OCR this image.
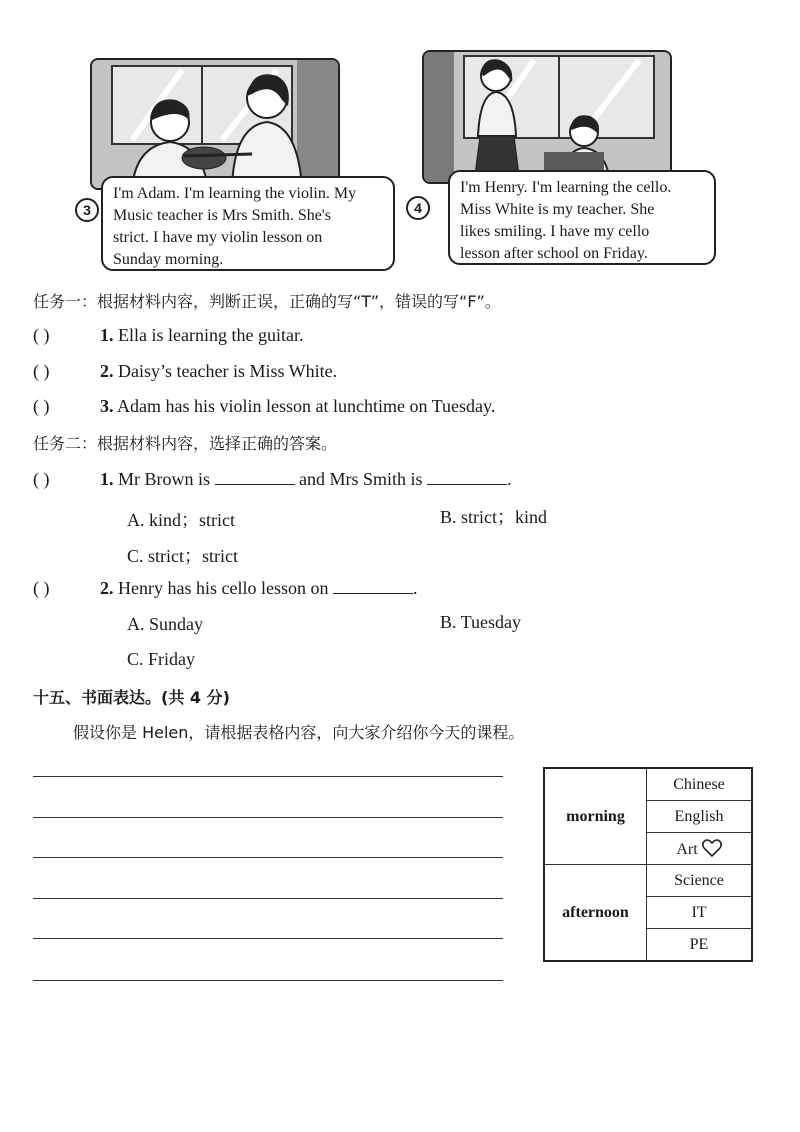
I'm Adam. I'm learning the violin. My
Music teacher is Mrs Smith. She's
strict. I have my violin lesson on
Sunday morning.
3
I'm Henry. I'm learning the cello.
Miss White is my teacher. She
likes smiling. I have my cello
lesson after school on Friday.
4
任务一：根据材料内容，判断正误，正确的写“T”，错误的写“F”。
( )	1. Ella is learning the guitar.
( )	2. Daisy’s teacher is Miss White.
( )	3. Adam has his violin lesson at lunchtime on Tuesday.
任务二：根据材料内容，选择正确的答案。
( )	1. Mr Brown is	and Mrs Smith is	.
A. kind；strict	B. strict；kind
C. strict；strict
( )	2. Henry has his cello lesson on	.
A. Sunday	B. Tuesday
C. Friday
十五、书面表达。(共 4 分)
假设你是 Helen，请根据表格内容，向大家介绍你今天的课程。
morning	Chinese
	English
	Art
afternoon	Science
	IT
	PE
